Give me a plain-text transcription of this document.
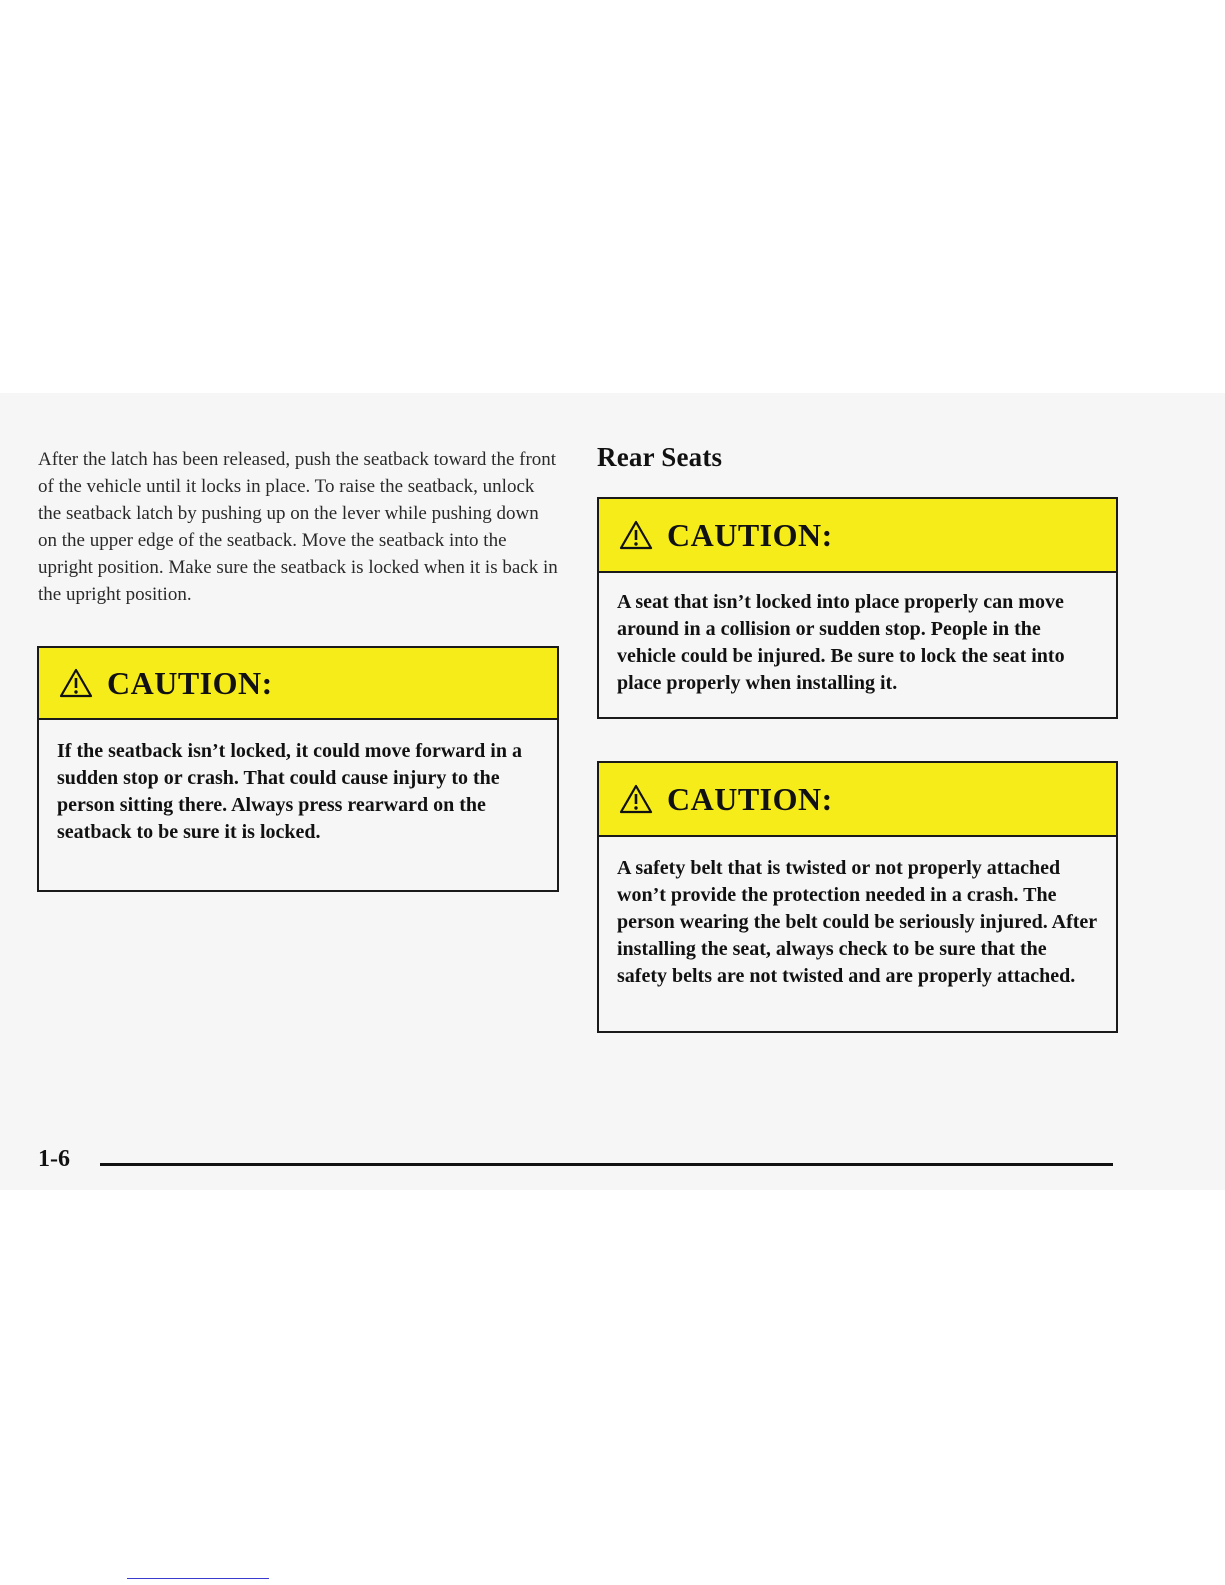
After the latch has been released, push the seatback toward the front of the vehicle until it locks in place. To raise the seatback, unlock the seatback latch by pushing up on the lever while pushing down on the upper edge of the seatback. Move the seatback into the upright position. Make sure the seatback is locked when it is back in the upright position.

Rear Seats
CAUTION:
If the seatback isn’t locked, it could move forward in a sudden stop or crash. That could cause injury to the person sitting there. Always press rearward on the seatback to be sure it is locked.
CAUTION:
A seat that isn’t locked into place properly can move around in a collision or sudden stop. People in the vehicle could be injured. Be sure to lock the seat into place properly when installing it.
CAUTION:
A safety belt that is twisted or not properly attached won’t provide the protection needed in a crash. The person wearing the belt could be seriously injured. After installing the seat, always check to be sure that the safety belts are not twisted and are properly attached.
1-6
